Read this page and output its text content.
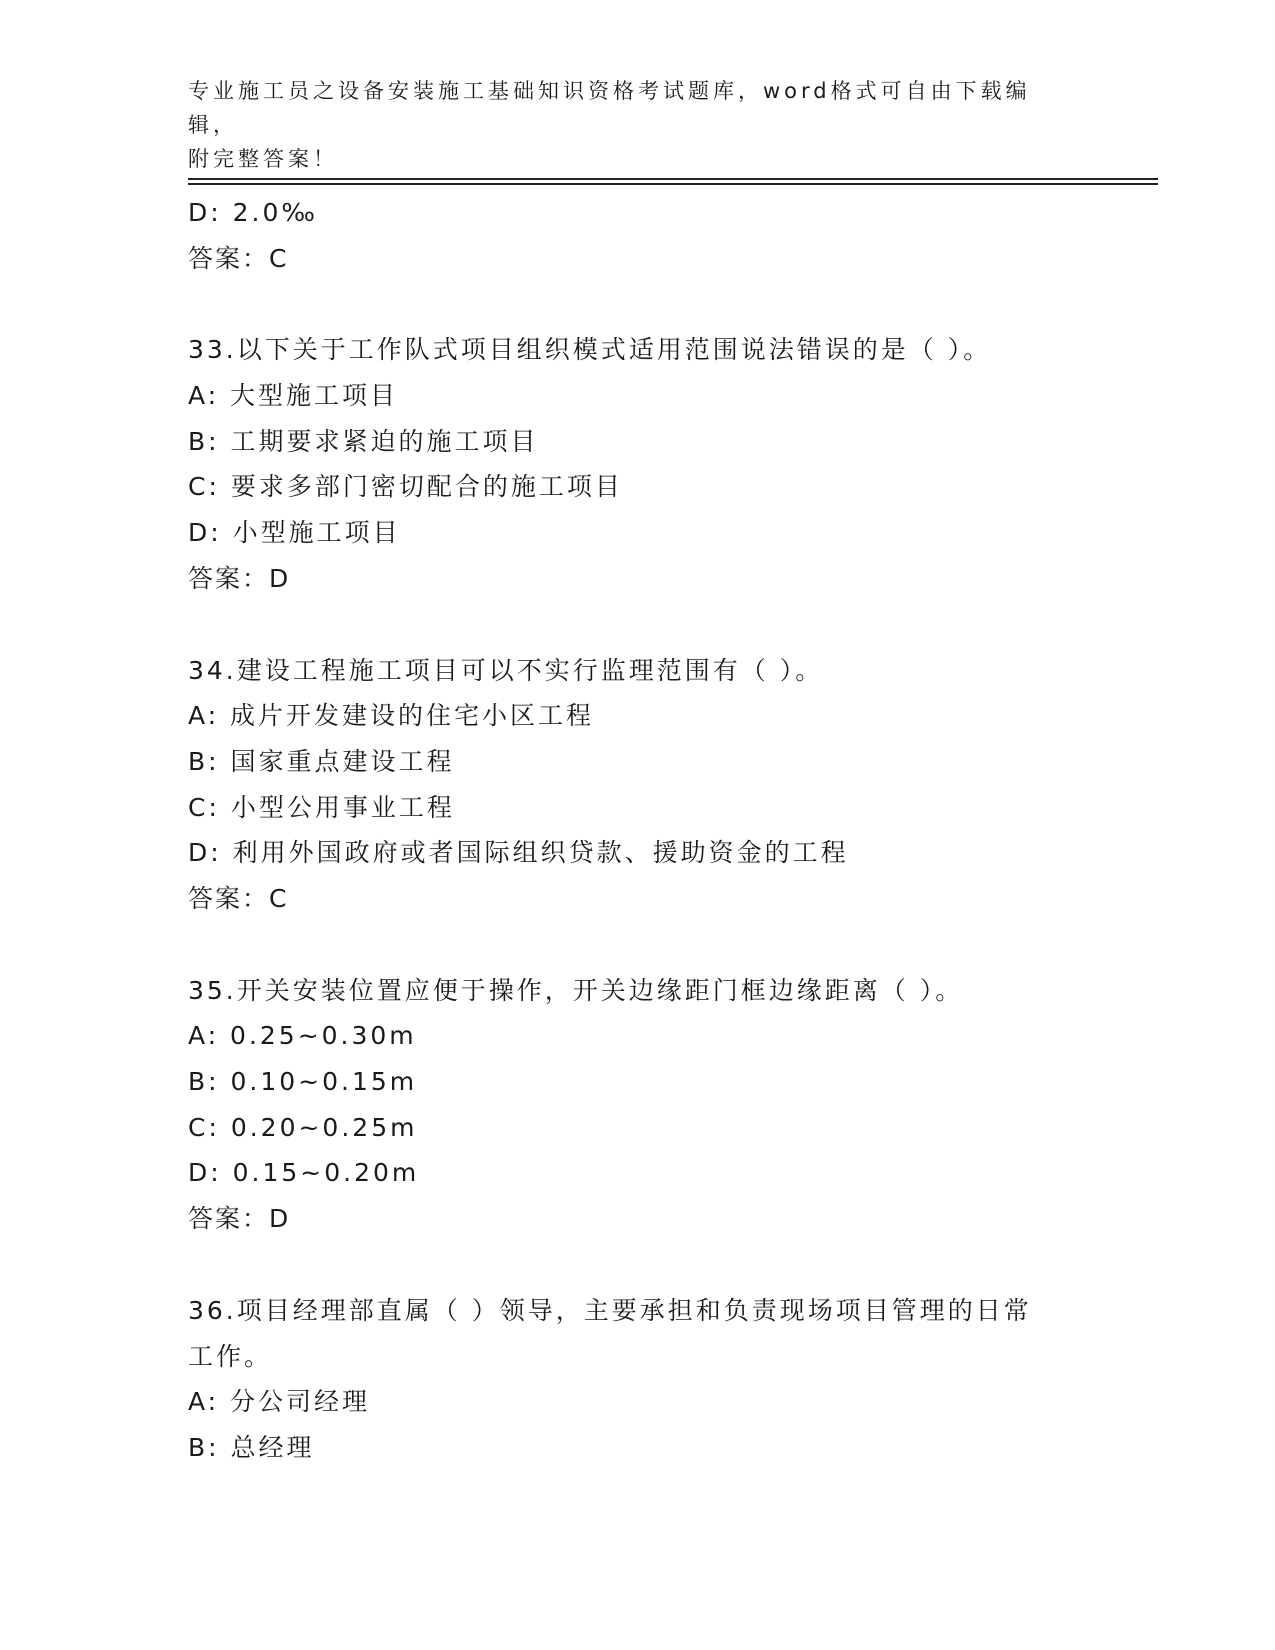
专业施工员之设备安装施工基础知识资格考试题库，word格式可自由下载编辑，
附完整答案！
D: 2.0‰
答案：C
33.以下关于工作队式项目组织模式适用范围说法错误的是（ ）。
A: 大型施工项目
B: 工期要求紧迫的施工项目
C: 要求多部门密切配合的施工项目
D: 小型施工项目
答案：D
34.建设工程施工项目可以不实行监理范围有（ ）。
A: 成片开发建设的住宅小区工程
B: 国家重点建设工程
C: 小型公用事业工程
D: 利用外国政府或者国际组织贷款、援助资金的工程
答案：C
35.开关安装位置应便于操作，开关边缘距门框边缘距离（ ）。
A: 0.25~0.30m
B: 0.10~0.15m
C: 0.20~0.25m
D: 0.15~0.20m
答案：D
36.项目经理部直属（ ）领导，主要承担和负责现场项目管理的日常
工作。
A: 分公司经理
B: 总经理
